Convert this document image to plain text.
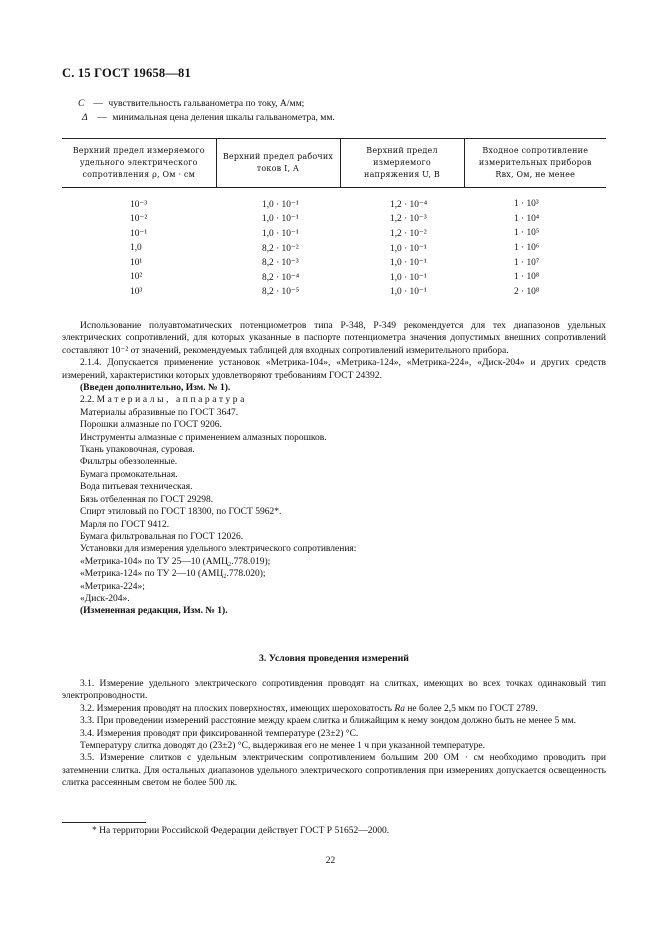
С. 15 ГОСТ 19658—81
C — чувствительность гальванометра по току, А/мм;
Δ — минимальная цена деления шкалы гальванометра, мм.
Верхний предел измеряемого удельного электрического сопротивления ρ, Ом · см	Верхний предел рабочих токов I, А	Верхний предел измеряемого напряжения U, В	Входное сопротивление измерительных приборов Rвх, Ом, не менее
10⁻³	1,0 · 10⁻¹	1,2 · 10⁻⁴	1 · 10³
10⁻²	1,0 · 10⁻¹	1,2 · 10⁻³	1 · 10⁴
10⁻¹	1,0 · 10⁻¹	1,2 · 10⁻²	1 · 10⁵
1,0	8,2 · 10⁻²	1,0 · 10⁻¹	1 · 10⁶
10¹	8,2 · 10⁻³	1,0 · 10⁻¹	1 · 10⁷
10²	8,2 · 10⁻⁴	1,0 · 10⁻¹	1 · 10⁸
10³	8,2 · 10⁻⁵	1,0 · 10⁻¹	2 · 10⁸

Использование полуавтоматических потенциометров типа Р-348, Р-349 рекомендуется для тех диапазонов удельных электрических сопротивлений, для которых указанные в паспорте потенциометра значения допустимых внешних сопротивлений составляют 10⁻² от значений, рекомендуемых таблицей для входных сопротивлений измерительного прибора.

2.1.4. Допускается применение установок «Метрика-104», «Метрика-124», «Метрика-224», «Диск-204» и других средств измерений, характеристики которых удовлетворяют требованиям ГОСТ 24392.

(Введен дополнительно, Изм. № 1).

2.2. Материалы, аппаратура

Материалы абразивные по ГОСТ 3647.

Порошки алмазные по ГОСТ 9206.

Инструменты алмазные с применением алмазных порошков.

Ткань упаковочная, суровая.

Фильтры обеззоленные.

Бумага промокательная.

Вода питьевая техническая.

Бязь отбеленная по ГОСТ 29298.

Спирт этиловый по ГОСТ 18300, по ГОСТ 5962*.

Марля по ГОСТ 9412.

Бумага фильтровальная по ГОСТ 12026.

Установки для измерения удельного электрического сопротивления:

«Метрика-104» по ТУ 25—10 (АМЦ₂.778.019);

«Метрика-124» по ТУ 2—10 (АМЦ₂.778.020);

«Метрика-224»;

«Диск-204».

(Измененная редакция, Изм. № 1).

3. Условия проведения измерений

3.1. Измерение удельного электрического сопротивдения проводят на слитках, имеющих во всех точках одинаковый тип электропроводности.

3.2. Измерения проводят на плоских поверхностях, имеющих шероховатость Ra не более 2,5 мкм по ГОСТ 2789.

3.3. При проведении измерений расстояние между краем слитка и ближайщим к нему зондом должно быть не менее 5 мм.

3.4. Измерения проводят при фиксированной температуре (23±2) °С.

Температуру слитка доводят до (23±2) °С, выдерживая его не менее 1 ч при указанной температуре.

3.5. Измерение слитков с удельным электрическим сопротивлением большим 200 ОМ · см необходимо проводить при затемнении слитка. Для остальных диапазонов удельного электрического сопротивления при измерениях допускается освещенность слитка рассеянным светом не более 500 лк.

* На территории Российской Федерации действует ГОСТ Р 51652—2000.
22
